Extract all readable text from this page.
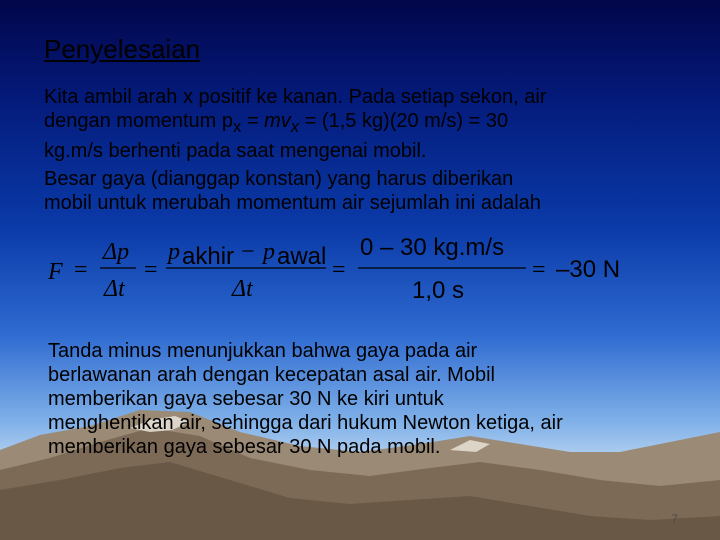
Penyelesaian
Kita ambil arah x positif ke kanan. Pada setiap sekon, air
dengan momentum $p_x = mv_x = (1,5$ kg)(20 m/s) = 30
kg.m/s berhenti pada saat mengenai mobil.
Besar gaya (dianggap konstan) yang harus diberikan
mobil untuk merubah momentum air sejumlah ini adalah
F =
Δp
Δt
=
p akhir − p awal
Δt
=
0 – 30 kg.m/s
1,0 s
= –30 N
Tanda minus menunjukkan bahwa gaya pada air
berlawanan arah dengan kecepatan asal air. Mobil
memberikan gaya sebesar 30 N ke kiri untuk
menghentikan air, sehingga dari hukum Newton ketiga, air
memberikan gaya sebesar 30 N pada mobil.
7
